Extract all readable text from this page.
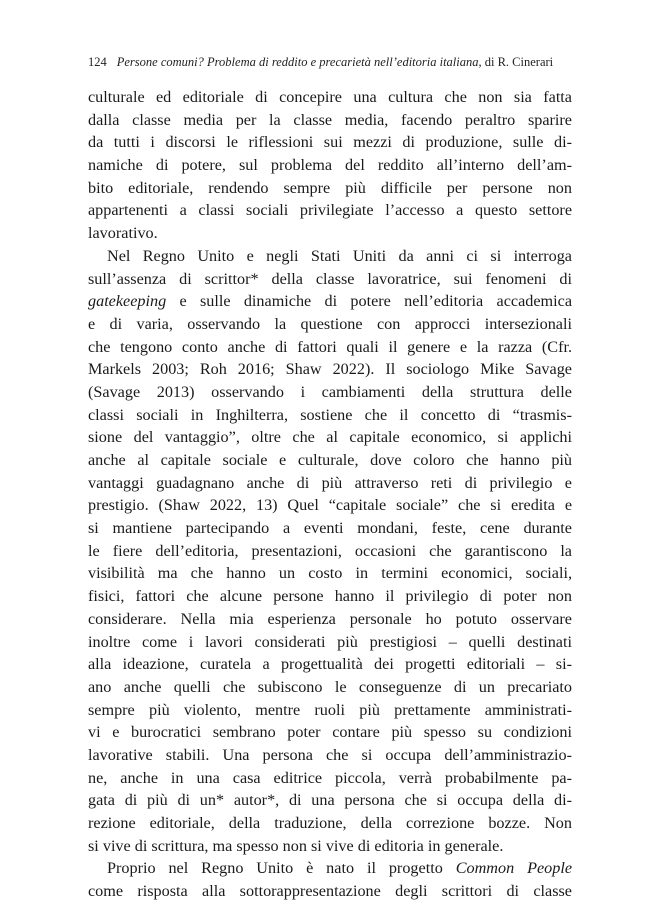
124 Persone comuni? Problema di reddito e precarietà nell’editoria italiana, di R. Cinerari
culturale ed editoriale di concepire una cultura che non sia fatta
dalla classe media per la classe media, facendo peraltro sparire
da tutti i discorsi le riflessioni sui mezzi di produzione, sulle di-
namiche di potere, sul problema del reddito all’interno dell’am-
bito editoriale, rendendo sempre più difficile per persone non
appartenenti a classi sociali privilegiate l’accesso a questo settore
lavorativo.
Nel Regno Unito e negli Stati Uniti da anni ci si interroga
sull’assenza di scrittor* della classe lavoratrice, sui fenomeni di
gatekeeping e sulle dinamiche di potere nell’editoria accademica
e di varia, osservando la questione con approcci intersezionali
che tengono conto anche di fattori quali il genere e la razza (Cfr.
Markels 2003; Roh 2016; Shaw 2022). Il sociologo Mike Savage
(Savage 2013) osservando i cambiamenti della struttura delle
classi sociali in Inghilterra, sostiene che il concetto di “trasmis-
sione del vantaggio”, oltre che al capitale economico, si applichi
anche al capitale sociale e culturale, dove coloro che hanno più
vantaggi guadagnano anche di più attraverso reti di privilegio e
prestigio. (Shaw 2022, 13) Quel “capitale sociale” che si eredita e
si mantiene partecipando a eventi mondani, feste, cene durante
le fiere dell’editoria, presentazioni, occasioni che garantiscono la
visibilità ma che hanno un costo in termini economici, sociali,
fisici, fattori che alcune persone hanno il privilegio di poter non
considerare. Nella mia esperienza personale ho potuto osservare
inoltre come i lavori considerati più prestigiosi – quelli destinati
alla ideazione, curatela a progettualità dei progetti editoriali – si-
ano anche quelli che subiscono le conseguenze di un precariato
sempre più violento, mentre ruoli più prettamente amministrati-
vi e burocratici sembrano poter contare più spesso su condizioni
lavorative stabili. Una persona che si occupa dell’amministrazio-
ne, anche in una casa editrice piccola, verrà probabilmente pa-
gata di più di un* autor*, di una persona che si occupa della di-
rezione editoriale, della traduzione, della correzione bozze. Non
si vive di scrittura, ma spesso non si vive di editoria in generale.
Proprio nel Regno Unito è nato il progetto Common People
come risposta alla sottorappresentazione degli scrittori di classe
